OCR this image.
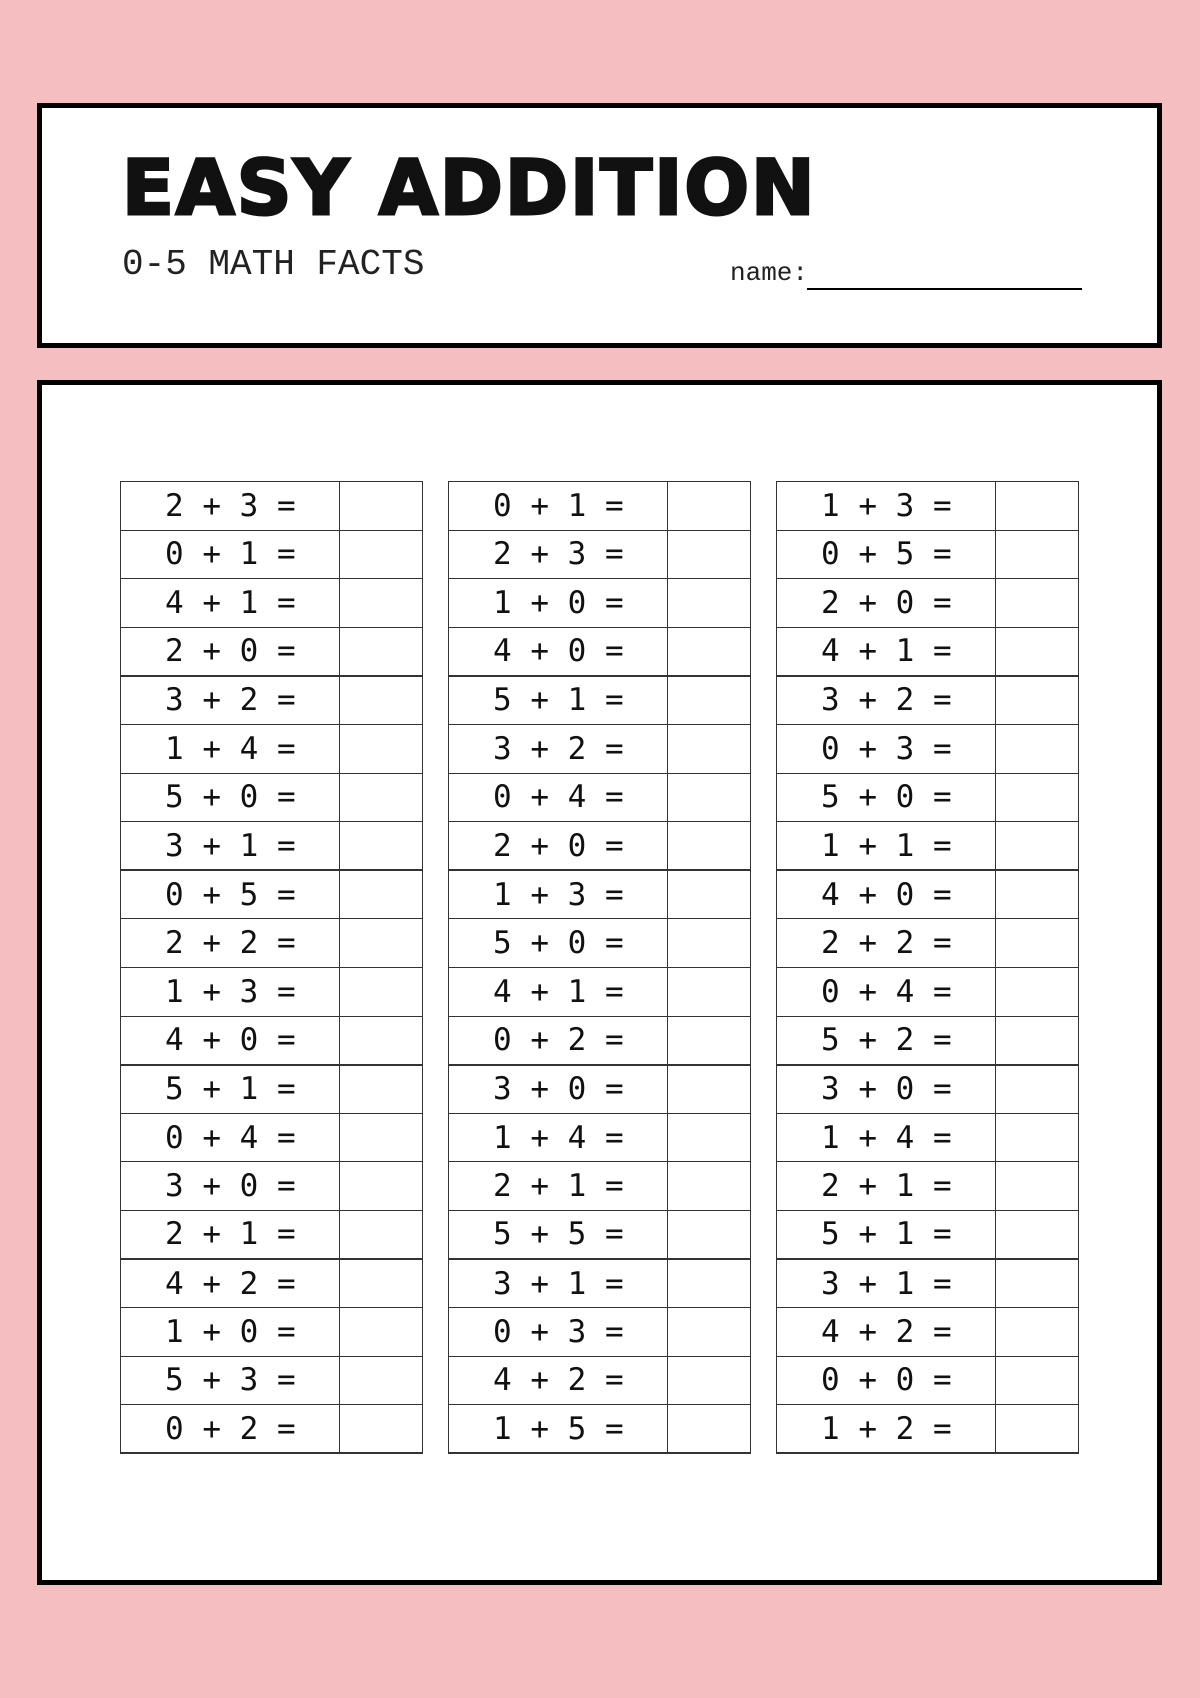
EASY ADDITION
0-5 MATH FACTS	name:
2 + 3 =	
0 + 1 =	
4 + 1 =	
2 + 0 =	
3 + 2 =	
1 + 4 =	
5 + 0 =	
3 + 1 =	
0 + 5 =	
2 + 2 =	
1 + 3 =	
4 + 0 =	
5 + 1 =	
0 + 4 =	
3 + 0 =	
2 + 1 =	
4 + 2 =	
1 + 0 =	
5 + 3 =	
0 + 2 =	
0 + 1 =	
2 + 3 =	
1 + 0 =	
4 + 0 =	
5 + 1 =	
3 + 2 =	
0 + 4 =	
2 + 0 =	
1 + 3 =	
5 + 0 =	
4 + 1 =	
0 + 2 =	
3 + 0 =	
1 + 4 =	
2 + 1 =	
5 + 5 =	
3 + 1 =	
0 + 3 =	
4 + 2 =	
1 + 5 =	
1 + 3 =	
0 + 5 =	
2 + 0 =	
4 + 1 =	
3 + 2 =	
0 + 3 =	
5 + 0 =	
1 + 1 =	
4 + 0 =	
2 + 2 =	
0 + 4 =	
5 + 2 =	
3 + 0 =	
1 + 4 =	
2 + 1 =	
5 + 1 =	
3 + 1 =	
4 + 2 =	
0 + 0 =	
1 + 2 =	
